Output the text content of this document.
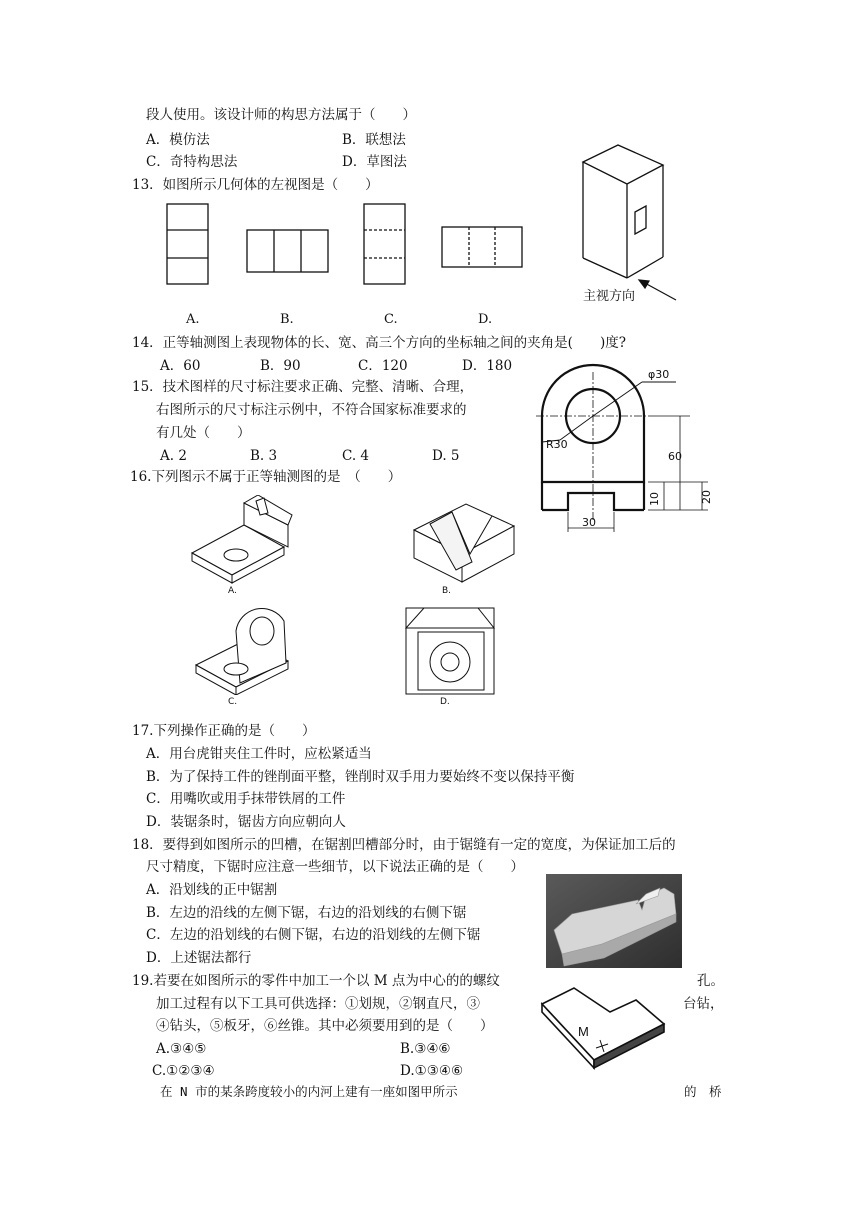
段人使用。该设计师的构思方法属于（　　）
A．模仿法	B．联想法
C．奇特构思法	D．草图法
13．如图所示几何体的左视图是（　　）
A.	B.	C.	D.
主视方向
14．正等轴测图上表现物体的长、宽、高三个方向的坐标轴之间的夹角是(　　)度?
A．60	B．90	C．120	D．180
15．技术图样的尺寸标注要求正确、完整、清晰、合理，
右图所示的尺寸标注示例中，不符合国家标准要求的
有几处（　　）
A. 2	B. 3	C. 4	D. 5
φ30
R30
60
10	20
30
16.下列图示不属于正等轴测图的是　（　　）
A.	B.
C.	D.
17.下列操作正确的是（　　）
A．用台虎钳夹住工件时，应松紧适当
B．为了保持工件的锉削面平整，锉削时双手用力要始终不变以保持平衡
C．用嘴吹或用手抹带铁屑的工件
D．装锯条时，锯齿方向应朝向人
18．要得到如图所示的凹槽，在锯割凹槽部分时，由于锯缝有一定的宽度，为保证加工后的
尺寸精度，下锯时应注意一些细节，以下说法正确的是（　　）
A．沿划线的正中锯割
B．左边的沿线的左侧下锯，右边的沿划线的右侧下锯
C．左边的沿划线的右侧下锯，右边的沿划线的左侧下锯
D．上述锯法都行
19.若要在如图所示的零件中加工一个以 M 点为中心的的螺纹	孔。
加工过程有以下工具可供选择：①划规，②钢直尺，③	台钻，
④钻头，⑤板牙，⑥丝锥。其中必须要用到的是（　　）
A.③④⑤	B.③④⑥
C.①②③④	D.①③④⑥
M
在 N 市的某条跨度较小的内河上建有一座如图甲所示	的　桥
